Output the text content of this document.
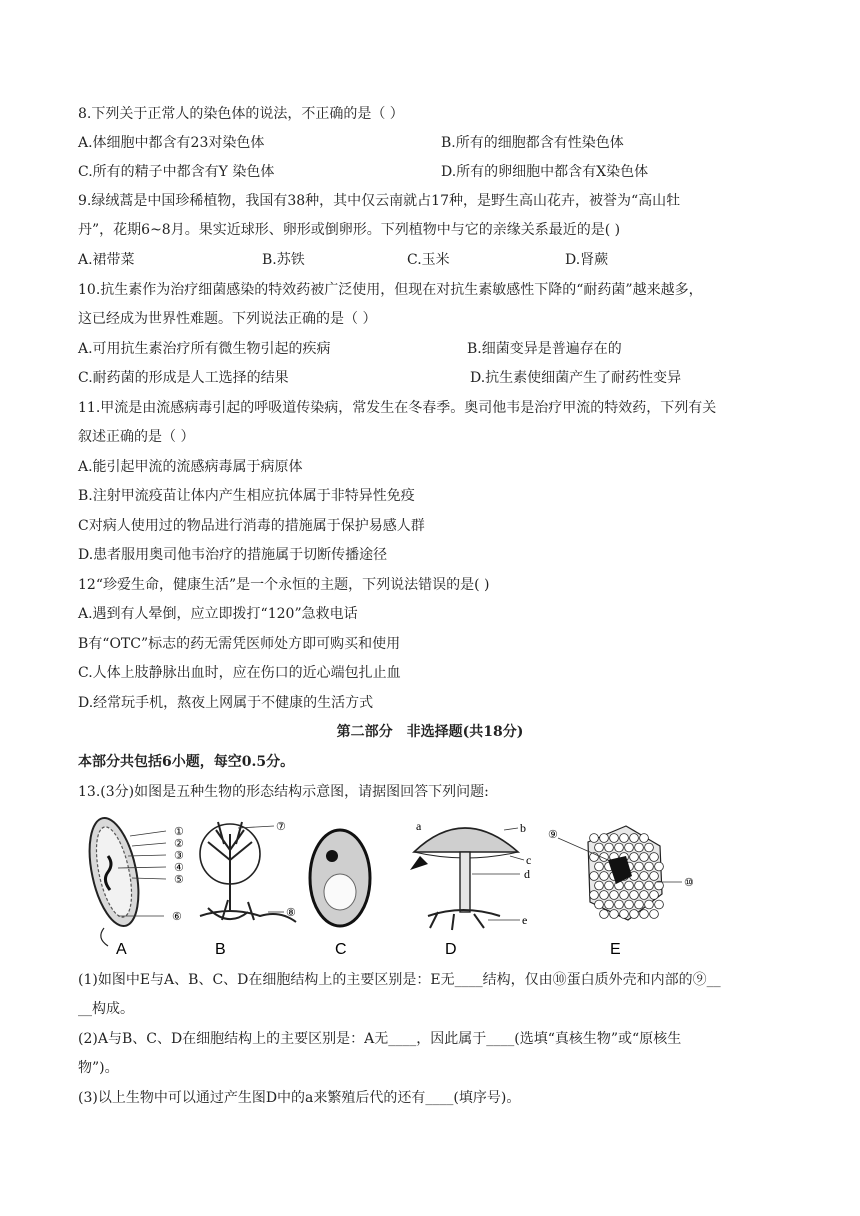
8.下列关于正常人的染色体的说法，不正确的是（ ）
A.体细胞中都含有23对染色体	B.所有的细胞都含有性染色体
C.所有的精子中都含有Y 染色体	D.所有的卵细胞中都含有X染色体
9.绿绒蒿是中国珍稀植物，我国有38种，其中仅云南就占17种，是野生高山花卉，被誉为“高山牡
丹”，花期6~8月。果实近球形、卵形或倒卵形。下列植物中与它的亲缘关系最近的是( )
A.裙带菜	B.苏铁	C.玉米	D.肾蕨
10.抗生素作为治疗细菌感染的特效药被广泛使用，但现在对抗生素敏感性下降的“耐药菌”越来越多，
这已经成为世界性难题。下列说法正确的是（ ）
A.可用抗生素治疗所有微生物引起的疾病	B.细菌变异是普遍存在的
C.耐药菌的形成是人工选择的结果	D.抗生素使细菌产生了耐药性变异
11.甲流是由流感病毒引起的呼吸道传染病，常发生在冬春季。奥司他韦是治疗甲流的特效药，下列有关
叙述正确的是（ ）
A.能引起甲流的流感病毒属于病原体
B.注射甲流疫苗让体内产生相应抗体属于非特异性免疫
C对病人使用过的物品进行消毒的措施属于保护易感人群
D.患者服用奥司他韦治疗的措施属于切断传播途径
12“珍爱生命，健康生活”是一个永恒的主题，下列说法错误的是( )
A.遇到有人晕倒，应立即拨打“120”急救电话
B有“OTC”标志的药无需凭医师处方即可购买和使用
C.人体上肢静脉出血时，应在伤口的近心端包扎止血
D.经常玩手机，熬夜上网属于不健康的生活方式
第二部分　非选择题(共18分)
本部分共包括6小题，每空0.5分。
13.(3分)如图是五种生物的形态结构示意图，请据图回答下列问题:
①
②
③
④
⑤
⑥
⑦
⑧
a	b
c
d
e
⑨
⑩
A	B	C	D	E
(1)如图中E与A、B、C、D在细胞结构上的主要区别是：E无____结构，仅由⑩蛋白质外壳和内部的⑨__
__构成。
(2)A与B、C、D在细胞结构上的主要区别是：A无____，因此属于____(选填“真核生物”或“原核生
物”)。
(3)以上生物中可以通过产生图D中的a来繁殖后代的还有____(填序号)。
